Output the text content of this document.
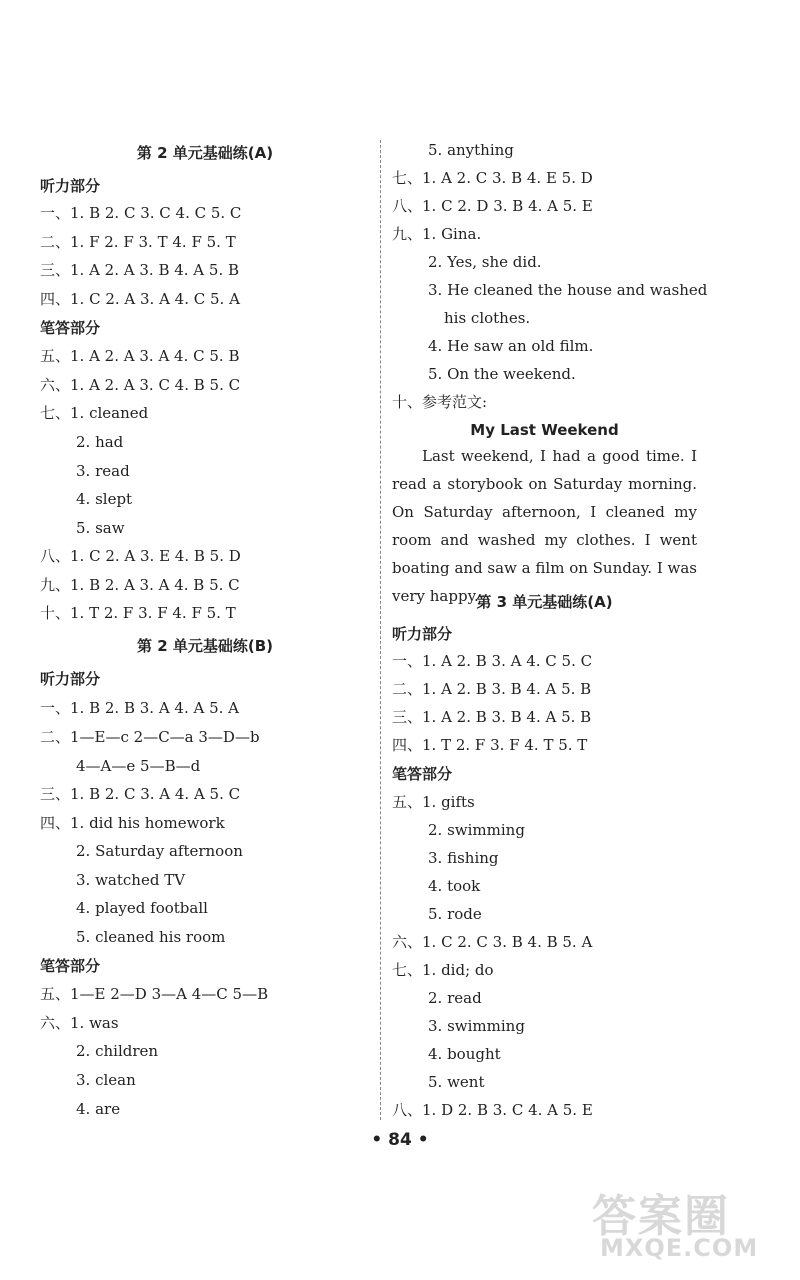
第 2 单元基础练(A)
听力部分
一、1. B 2. C 3. C 4. C 5. C
二、1. F 2. F 3. T 4. F 5. T
三、1. A 2. A 3. B 4. A 5. B
四、1. C 2. A 3. A 4. C 5. A
笔答部分
五、1. A 2. A 3. A 4. C 5. B
六、1. A 2. A 3. C 4. B 5. C
七、1. cleaned
2. had
3. read
4. slept
5. saw
八、1. C 2. A 3. E 4. B 5. D
九、1. B 2. A 3. A 4. B 5. C
十、1. T 2. F 3. F 4. F 5. T
第 2 单元基础练(B)
听力部分
一、1. B 2. B 3. A 4. A 5. A
二、1—E—c 2—C—a 3—D—b
4—A—e 5—B—d
三、1. B 2. C 3. A 4. A 5. C
四、1. did his homework
2. Saturday afternoon
3. watched TV
4. played football
5. cleaned his room
笔答部分
五、1—E 2—D 3—A 4—C 5—B
六、1. was
2. children
3. clean
4. are
5. anything
七、1. A 2. C 3. B 4. E 5. D
八、1. C 2. D 3. B 4. A 5. E
九、1. Gina.
2. Yes, she did.
3. He cleaned the house and washed
his clothes.
4. He saw an old film.
5. On the weekend.
十、参考范文:
My Last Weekend
Last weekend, I had a good time. I read a storybook on Saturday morning. On Saturday afternoon, I cleaned my room and washed my clothes. I went boating and saw a film on Sunday. I was very happy.
第 3 单元基础练(A)
听力部分
一、1. A 2. B 3. A 4. C 5. C
二、1. A 2. B 3. B 4. A 5. B
三、1. A 2. B 3. B 4. A 5. B
四、1. T 2. F 3. F 4. T 5. T
笔答部分
五、1. gifts
2. swimming
3. fishing
4. took
5. rode
六、1. C 2. C 3. B 4. B 5. A
七、1. did; do
2. read
3. swimming
4. bought
5. went
八、1. D 2. B 3. C 4. A 5. E
• 84 •
答案圈
MXQE.COM
